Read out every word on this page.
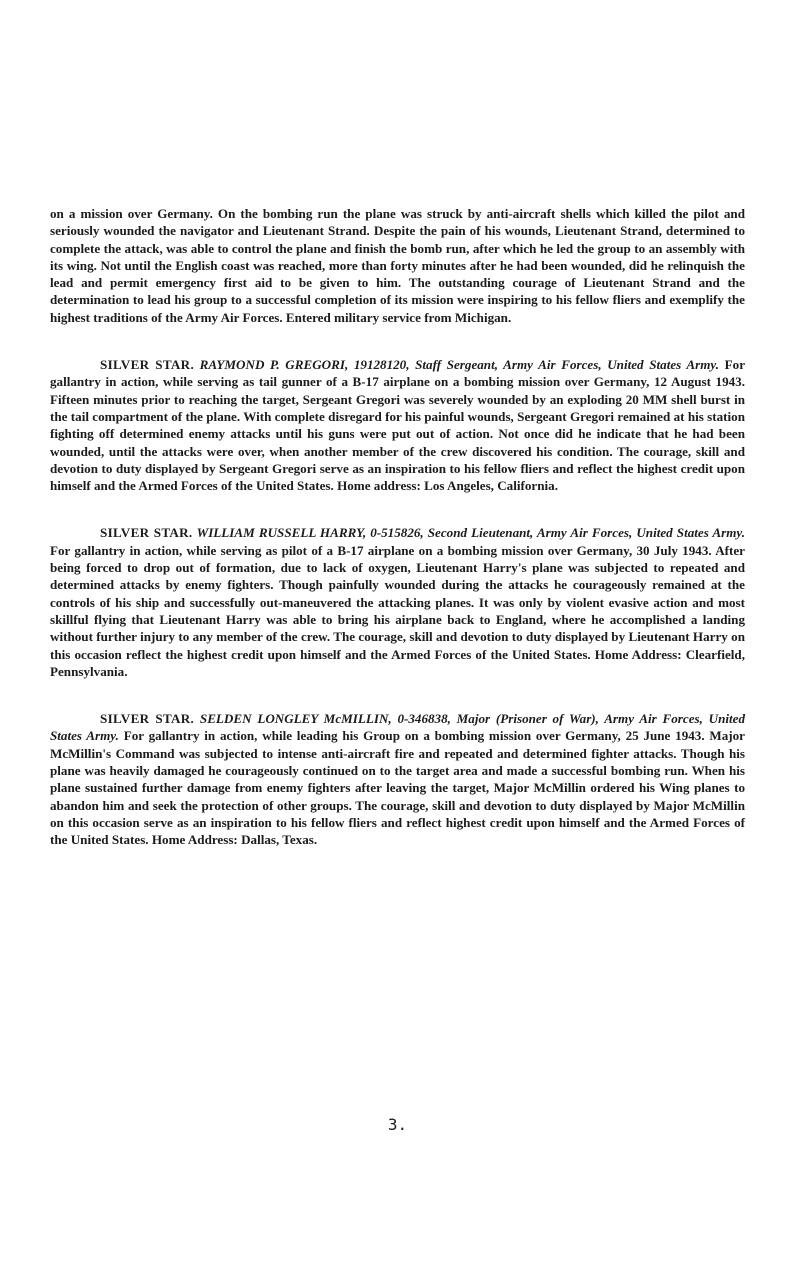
on a mission over Germany. On the bombing run the plane was struck by anti-aircraft shells which killed the pilot and seriously wounded the navigator and Lieutenant Strand. Despite the pain of his wounds, Lieutenant Strand, determined to complete the attack, was able to control the plane and finish the bomb run, after which he led the group to an assembly with its wing. Not until the English coast was reached, more than forty minutes after he had been wounded, did he relinquish the lead and permit emergency first aid to be given to him. The outstanding courage of Lieutenant Strand and the determination to lead his group to a successful completion of its mission were inspiring to his fellow fliers and exemplify the highest traditions of the Army Air Forces. Entered military service from Michigan.

SILVER STAR. RAYMOND P. GREGORI, 19128120, Staff Sergeant, Army Air Forces, United States Army. For gallantry in action, while serving as tail gunner of a B-17 airplane on a bombing mission over Germany, 12 August 1943. Fifteen minutes prior to reaching the target, Sergeant Gregori was severely wounded by an exploding 20 MM shell burst in the tail compartment of the plane. With complete disregard for his painful wounds, Sergeant Gregori remained at his station fighting off determined enemy attacks until his guns were put out of action. Not once did he indicate that he had been wounded, until the attacks were over, when another member of the crew discovered his condition. The courage, skill and devotion to duty displayed by Sergeant Gregori serve as an inspiration to his fellow fliers and reflect the highest credit upon himself and the Armed Forces of the United States. Home address: Los Angeles, California.

SILVER STAR. WILLIAM RUSSELL HARRY, 0-515826, Second Lieutenant, Army Air Forces, United States Army. For gallantry in action, while serving as pilot of a B-17 airplane on a bombing mission over Germany, 30 July 1943. After being forced to drop out of formation, due to lack of oxygen, Lieutenant Harry's plane was subjected to repeated and determined attacks by enemy fighters. Though painfully wounded during the attacks he courageously remained at the controls of his ship and successfully out-maneuvered the attacking planes. It was only by violent evasive action and most skillful flying that Lieutenant Harry was able to bring his airplane back to England, where he accomplished a landing without further injury to any member of the crew. The courage, skill and devotion to duty displayed by Lieutenant Harry on this occasion reflect the highest credit upon himself and the Armed Forces of the United States. Home Address: Clearfield, Pennsylvania.

SILVER STAR. SELDEN LONGLEY McMILLIN, 0-346838, Major (Prisoner of War), Army Air Forces, United States Army. For gallantry in action, while leading his Group on a bombing mission over Germany, 25 June 1943. Major McMillin's Command was subjected to intense anti-aircraft fire and repeated and determined fighter attacks. Though his plane was heavily damaged he courageously continued on to the target area and made a successful bombing run. When his plane sustained further damage from enemy fighters after leaving the target, Major McMillin ordered his Wing planes to abandon him and seek the protection of other groups. The courage, skill and devotion to duty displayed by Major McMillin on this occasion serve as an inspiration to his fellow fliers and reflect highest credit upon himself and the Armed Forces of the United States. Home Address: Dallas, Texas.

3.
